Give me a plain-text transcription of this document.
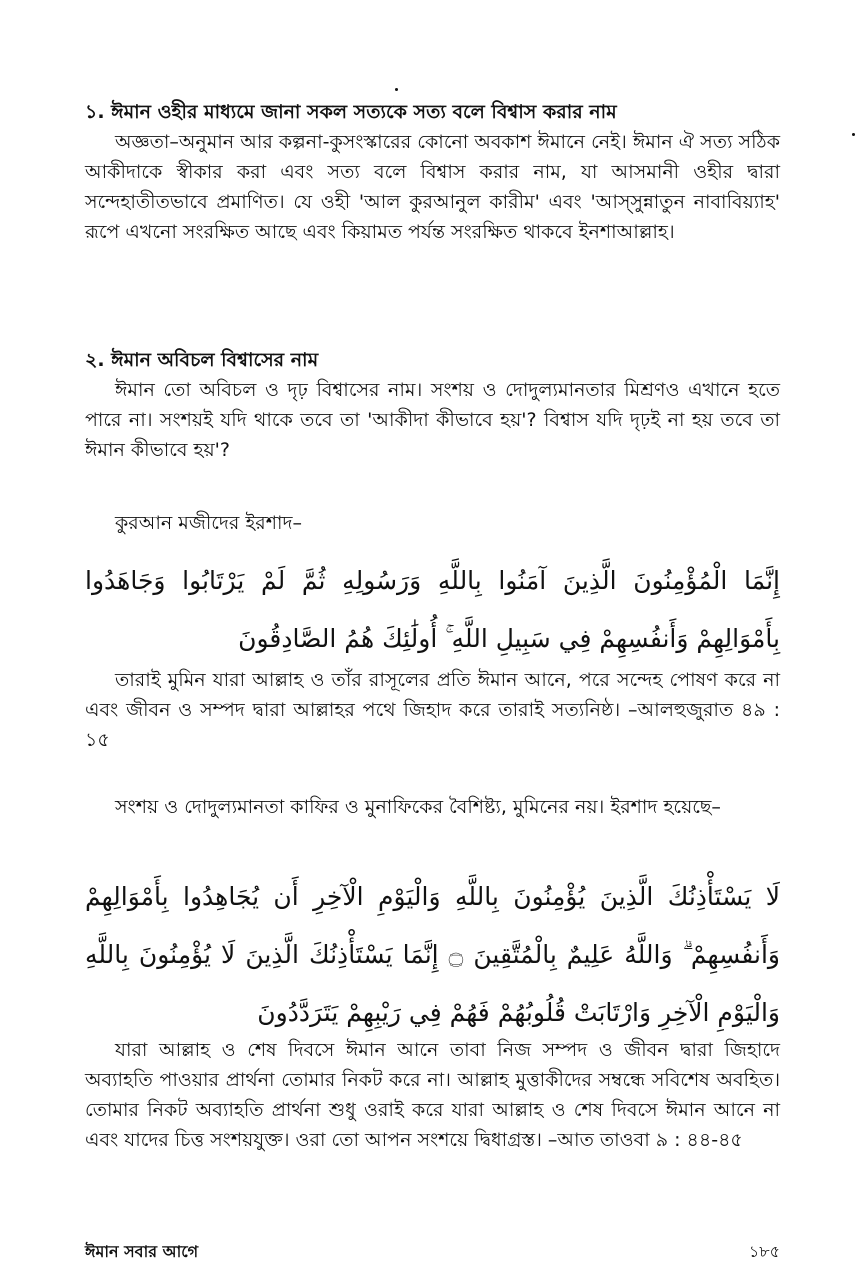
১. ঈমান ওহীর মাধ্যমে জানা সকল সত্যকে সত্য বলে বিশ্বাস করার নাম

অজ্ঞতা–অনুমান আর কল্পনা-কুসংস্কারের কোনো অবকাশ ঈমানে নেই। ঈমান ঐ সত্য সঠিক আকীদাকে স্বীকার করা এবং সত্য বলে বিশ্বাস করার নাম, যা আসমানী ওহীর দ্বারা সন্দেহাতীতভাবে প্রমাণিত। যে ওহী 'আল কুরআনুল কারীম' এবং 'আস্‌সুন্নাতুন নাবাবিয়্যাহ' রূপে এখনো সংরক্ষিত আছে এবং কিয়ামত পর্যন্ত সংরক্ষিত থাকবে ইনশাআল্লাহ।

২. ঈমান অবিচল বিশ্বাসের নাম

ঈমান তো অবিচল ও দৃঢ় বিশ্বাসের নাম। সংশয় ও দোদুল্যমানতার মিশ্রণও এখানে হতে পারে না। সংশয়ই যদি থাকে তবে তা 'আকীদা কীভাবে হয়'? বিশ্বাস যদি দৃঢ়ই না হয় তবে তা ঈমান কীভাবে হয়'?

কুরআন মজীদের ইরশাদ–

إِنَّمَا الْمُؤْمِنُونَ الَّذِينَ آمَنُوا بِاللَّهِ وَرَسُولِهِ ثُمَّ لَمْ يَرْتَابُوا وَجَاهَدُوا بِأَمْوَالِهِمْ وَأَنفُسِهِمْ فِي سَبِيلِ اللَّهِ ۚ أُولَٰئِكَ هُمُ الصَّادِقُونَ

তারাই মুমিন যারা আল্লাহ ও তাঁর রাসূলের প্রতি ঈমান আনে, পরে সন্দেহ পোষণ করে না এবং জীবন ও সম্পদ দ্বারা আল্লাহর পথে জিহাদ করে তারাই সত্যনিষ্ঠ। –আলহুজুরাত ৪৯ : ১৫

সংশয় ও দোদুল্যমানতা কাফির ও মুনাফিকের বৈশিষ্ট্য, মুমিনের নয়। ইরশাদ হয়েছে–

لَا يَسْتَأْذِنُكَ الَّذِينَ يُؤْمِنُونَ بِاللَّهِ وَالْيَوْمِ الْآخِرِ أَن يُجَاهِدُوا بِأَمْوَالِهِمْ وَأَنفُسِهِمْ ۗ وَاللَّهُ عَلِيمٌ بِالْمُتَّقِينَ ۝ إِنَّمَا يَسْتَأْذِنُكَ الَّذِينَ لَا يُؤْمِنُونَ بِاللَّهِ وَالْيَوْمِ الْآخِرِ وَارْتَابَتْ قُلُوبُهُمْ فَهُمْ فِي رَيْبِهِمْ يَتَرَدَّدُونَ

যারা আল্লাহ ও শেষ দিবসে ঈমান আনে তাবা নিজ সম্পদ ও জীবন দ্বারা জিহাদে অব্যাহতি পাওয়ার প্রার্থনা তোমার নিকট করে না। আল্লাহ মুত্তাকীদের সম্বন্ধে সবিশেষ অবহিত। তোমার নিকট অব্যাহতি প্রার্থনা শুধু ওরাই করে যারা আল্লাহ ও শেষ দিবসে ঈমান আনে না এবং যাদের চিত্ত সংশয়যুক্ত। ওরা তো আপন সংশয়ে দ্বিধাগ্রস্ত। –আত তাওবা ৯ : ৪৪-৪৫

ঈমান সবার আগে	১৮৫
